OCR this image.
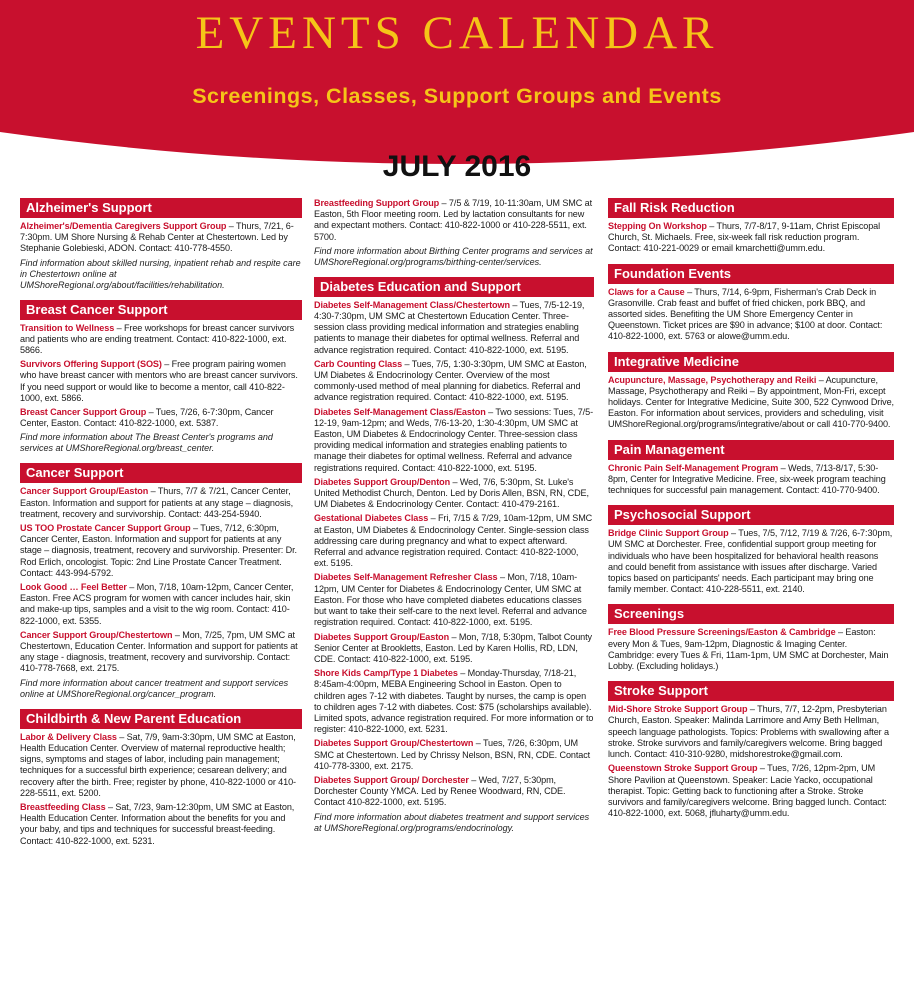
EVENTS CALENDAR
Screenings, Classes, Support Groups and Events
JULY 2016
Alzheimer's Support

Alzheimer's/Dementia Caregivers Support Group – Thurs, 7/21, 6-7:30pm. UM Shore Nursing & Rehab Center at Chestertown. Led by Stephanie Golebieski, ADON. Contact: 410-778-4550.

Find information about skilled nursing, inpatient rehab and respite care in Chestertown online at UMShoreRegional.org/about/facilities/rehabilitation.

Breast Cancer Support

Transition to Wellness – Free workshops for breast cancer survivors and patients who are ending treatment. Contact: 410-822-1000, ext. 5866.

Survivors Offering Support (SOS) – Free program pairing women who have breast cancer with mentors who are breast cancer survivors. If you need support or would like to become a mentor, call 410-822-1000, ext. 5866.

Breast Cancer Support Group – Tues, 7/26, 6-7:30pm, Cancer Center, Easton. Contact: 410-822-1000, ext. 5387.

Find more information about The Breast Center's programs and services at UMShoreRegional.org/breast_center.

Cancer Support

Cancer Support Group/Easton – Thurs, 7/7 & 7/21, Cancer Center, Easton. Information and support for patients at any stage – diagnosis, treatment, recovery and survivorship. Contact: 443-254-5940.

US TOO Prostate Cancer Support Group – Tues, 7/12, 6:30pm, Cancer Center, Easton. Information and support for patients at any stage – diagnosis, treatment, recovery and survivorship. Presenter: Dr. Rod Erlich, oncologist. Topic: 2nd Line Prostate Cancer Treatment. Contact: 443-994-5792.

Look Good … Feel Better – Mon, 7/18, 10am-12pm, Cancer Center, Easton. Free ACS program for women with cancer includes hair, skin and make-up tips, samples and a visit to the wig room. Contact: 410-822-1000, ext. 5355.

Cancer Support Group/Chestertown – Mon, 7/25, 7pm, UM SMC at Chestertown, Education Center. Information and support for patients at any stage - diagnosis, treatment, recovery and survivorship. Contact: 410-778-7668, ext. 2175.

Find more information about cancer treatment and support services online at UMShoreRegional.org/cancer_program.

Childbirth & New Parent Education

Labor & Delivery Class – Sat, 7/9, 9am-3:30pm, UM SMC at Easton, Health Education Center. Overview of maternal reproductive health; signs, symptoms and stages of labor, including pain management; techniques for a successful birth experience; cesarean delivery; and recovery after the birth. Free; register by phone, 410-822-1000 or 410-228-5511, ext. 5200.

Breastfeeding Class – Sat, 7/23, 9am-12:30pm, UM SMC at Easton, Health Education Center. Information about the benefits for you and your baby, and tips and techniques for successful breast-feeding. Contact: 410-822-1000, ext. 5231.

Breastfeeding Support Group – 7/5 & 7/19, 10-11:30am, UM SMC at Easton, 5th Floor meeting room. Led by lactation consultants for new and expectant mothers. Contact: 410-822-1000 or 410-228-5511, ext. 5700.

Find more information about Birthing Center programs and services at UMShoreRegional.org/programs/birthing-center/services.

Diabetes Education and Support

Diabetes Self-Management Class/Chestertown – Tues, 7/5-12-19, 4:30-7:30pm, UM SMC at Chestertown Education Center. Three-session class providing medical information and strategies enabling patients to manage their diabetes for optimal wellness. Referral and advance registration required. Contact: 410-822-1000, ext. 5195.

Carb Counting Class – Tues, 7/5, 1:30-3:30pm, UM SMC at Easton, UM Diabetes & Endocrinology Center. Overview of the most commonly-used method of meal planning for diabetics. Referral and advance registration required. Contact: 410-822-1000, ext. 5195.

Diabetes Self-Management Class/Easton – Two sessions: Tues, 7/5-12-19, 9am-12pm; and Weds, 7/6-13-20, 1:30-4:30pm, UM SMC at Easton, UM Diabetes & Endocrinology Center. Three-session class providing medical information and strategies enabling patients to manage their diabetes for optimal wellness. Referral and advance registrations required. Contact: 410-822-1000, ext. 5195.

Diabetes Support Group/Denton – Wed, 7/6, 5:30pm, St. Luke's United Methodist Church, Denton. Led by Doris Allen, BSN, RN, CDE, UM Diabetes & Endocrinology Center. Contact: 410-479-2161.

Gestational Diabetes Class – Fri, 7/15 & 7/29, 10am-12pm, UM SMC at Easton, UM Diabetes & Endocrinology Center. Single-session class addressing care during pregnancy and what to expect afterward. Referral and advance registration required. Contact: 410-822-1000, ext. 5195.

Diabetes Self-Management Refresher Class – Mon, 7/18, 10am-12pm, UM Center for Diabetes & Endocrinology Center, UM SMC at Easton. For those who have completed diabetes educations classes but want to take their self-care to the next level. Referral and advance registration required. Contact: 410-822-1000, ext. 5195.

Diabetes Support Group/Easton – Mon, 7/18, 5:30pm, Talbot County Senior Center at Brookletts, Easton. Led by Karen Hollis, RD, LDN, CDE. Contact: 410-822-1000, ext. 5195.

Shore Kids Camp/Type 1 Diabetes – Monday-Thursday, 7/18-21, 8:45am-4:00pm, MEBA Engineering School in Easton. Open to children ages 7-12 with diabetes. Taught by nurses, the camp is open to children ages 7-12 with diabetes. Cost: $75 (scholarships available). Limited spots, advance registration required. For more information or to register: 410-822-1000, ext. 5231.

Diabetes Support Group/Chestertown – Tues, 7/26, 6:30pm, UM SMC at Chestertown. Led by Chrissy Nelson, BSN, RN, CDE. Contact 410-778-3300, ext. 2175.

Diabetes Support Group/ Dorchester – Wed, 7/27, 5:30pm, Dorchester County YMCA. Led by Renee Woodward, RN, CDE. Contact 410-822-1000, ext. 5195.

Find more information about diabetes treatment and support services at UMShoreRegional.org/programs/endocrinology.

Fall Risk Reduction

Stepping On Workshop – Thurs, 7/7-8/17, 9-11am, Christ Episcopal Church, St. Michaels. Free, six-week fall risk reduction program. Contact: 410-221-0029 or email kmarchetti@umm.edu.

Foundation Events

Claws for a Cause – Thurs, 7/14, 6-9pm, Fisherman's Crab Deck in Grasonville. Crab feast and buffet of fried chicken, pork BBQ, and assorted sides. Benefiting the UM Shore Emergency Center in Queenstown. Ticket prices are $90 in advance; $100 at door. Contact: 410-822-1000, ext. 5763 or alowe@umm.edu.

Integrative Medicine

Acupuncture, Massage, Psychotherapy and Reiki – Acupuncture, Massage, Psychotherapy and Reiki – By appointment, Mon-Fri, except holidays. Center for Integrative Medicine, Suite 300, 522 Cynwood Drive, Easton. For information about services, providers and scheduling, visit UMShoreRegional.org/programs/integrative/about or call 410-770-9400.

Pain Management

Chronic Pain Self-Management Program – Weds, 7/13-8/17, 5:30-8pm, Center for Integrative Medicine. Free, six-week program teaching techniques for successful pain management. Contact: 410-770-9400.

Psychosocial Support

Bridge Clinic Support Group – Tues, 7/5, 7/12, 7/19 & 7/26, 6-7:30pm, UM SMC at Dorchester. Free, confidential support group meeting for individuals who have been hospitalized for behavioral health reasons and could benefit from assistance with issues after discharge. Varied topics based on participants' needs. Each participant may bring one family member. Contact: 410-228-5511, ext. 2140.

Screenings

Free Blood Pressure Screenings/Easton & Cambridge – Easton: every Mon & Tues, 9am-12pm, Diagnostic & Imaging Center. Cambridge: every Tues & Fri, 11am-1pm, UM SMC at Dorchester, Main Lobby. (Excluding holidays.)

Stroke Support

Mid-Shore Stroke Support Group – Thurs, 7/7, 12-2pm, Presbyterian Church, Easton. Speaker: Malinda Larrimore and Amy Beth Hellman, speech language pathologists. Topics: Problems with swallowing after a stroke. Stroke survivors and family/caregivers welcome. Bring bagged lunch. Contact: 410-310-9280, midshorestroke@gmail.com.

Queenstown Stroke Support Group – Tues, 7/26, 12pm-2pm, UM Shore Pavilion at Queenstown. Speaker: Lacie Yacko, occupational therapist. Topic: Getting back to functioning after a Stroke. Stroke survivors and family/caregivers welcome. Bring bagged lunch. Contact: 410-822-1000, ext. 5068, jfluharty@umm.edu.
